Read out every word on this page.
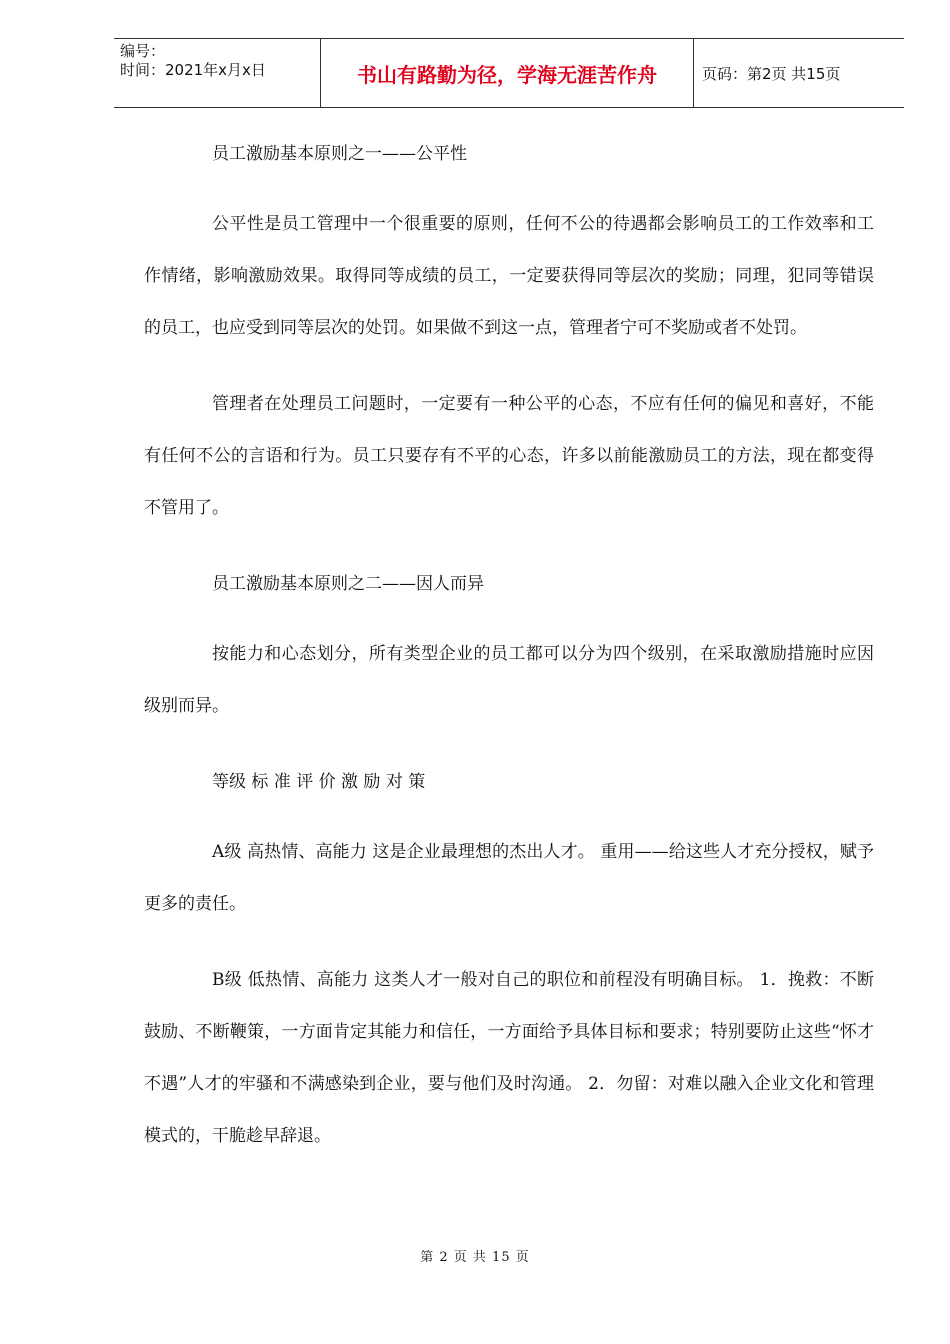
编号：
时间：2021年x月x日	书山有路勤为径，学海无涯苦作舟	页码：第2页 共15页

员工激励基本原则之一——公平性

公平性是员工管理中一个很重要的原则，任何不公的待遇都会影响员工的工作效率和工作情绪，影响激励效果。取得同等成绩的员工，一定要获得同等层次的奖励；同理，犯同等错误的员工，也应受到同等层次的处罚。如果做不到这一点，管理者宁可不奖励或者不处罚。

管理者在处理员工问题时，一定要有一种公平的心态，不应有任何的偏见和喜好，不能有任何不公的言语和行为。员工只要存有不平的心态，许多以前能激励员工的方法，现在都变得不管用了。

员工激励基本原则之二——因人而异

按能力和心态划分，所有类型企业的员工都可以分为四个级别，在采取激励措施时应因级别而异。

等级 标 准 评 价 激 励 对 策

A级 高热情、高能力 这是企业最理想的杰出人才。 重用——给这些人才充分授权，赋予更多的责任。

B级 低热情、高能力 这类人才一般对自己的职位和前程没有明确目标。 1．挽救：不断鼓励、不断鞭策，一方面肯定其能力和信任，一方面给予具体目标和要求；特别要防止这些“怀才不遇”人才的牢骚和不满感染到企业，要与他们及时沟通。 2．勿留：对难以融入企业文化和管理模式的，干脆趁早辞退。

第 2 页 共 15 页
